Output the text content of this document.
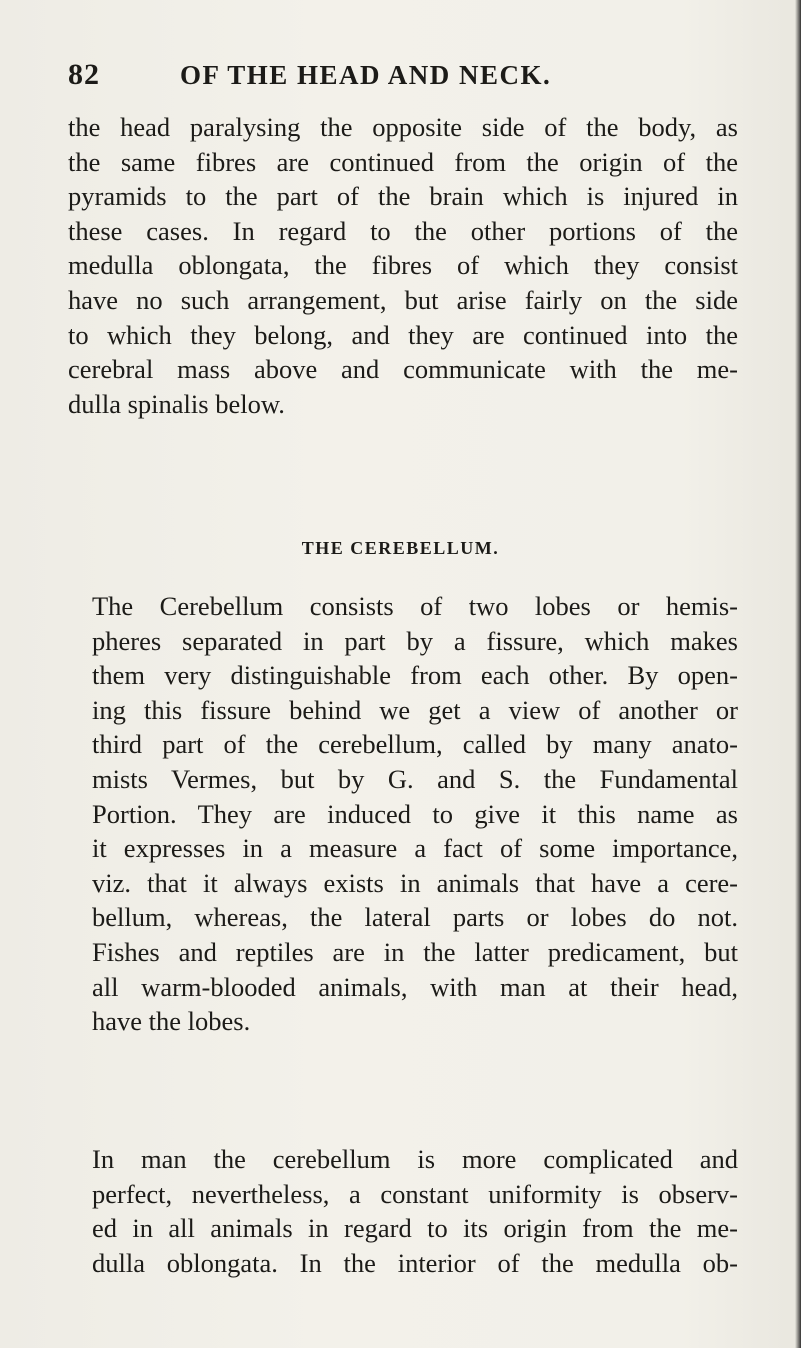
82	OF THE HEAD AND NECK.

the head paralysing the opposite side of the body, as
the same fibres are continued from the origin of the
pyramids to the part of the brain which is injured in
these cases. In regard to the other portions of the
medulla oblongata, the fibres of which they consist
have no such arrangement, but arise fairly on the side
to which they belong, and they are continued into the
cerebral mass above and communicate with the me-
dulla spinalis below.

THE CEREBELLUM.

The Cerebellum consists of two lobes or hemis-
pheres separated in part by a fissure, which makes
them very distinguishable from each other. By open-
ing this fissure behind we get a view of another or
third part of the cerebellum, called by many anato-
mists Vermes, but by G. and S. the Fundamental
Portion. They are induced to give it this name as
it expresses in a measure a fact of some importance,
viz. that it always exists in animals that have a cere-
bellum, whereas, the lateral parts or lobes do not.
Fishes and reptiles are in the latter predicament, but
all warm-blooded animals, with man at their head,
have the lobes.

In man the cerebellum is more complicated and
perfect, nevertheless, a constant uniformity is observ-
ed in all animals in regard to its origin from the me-
dulla oblongata. In the interior of the medulla ob-
